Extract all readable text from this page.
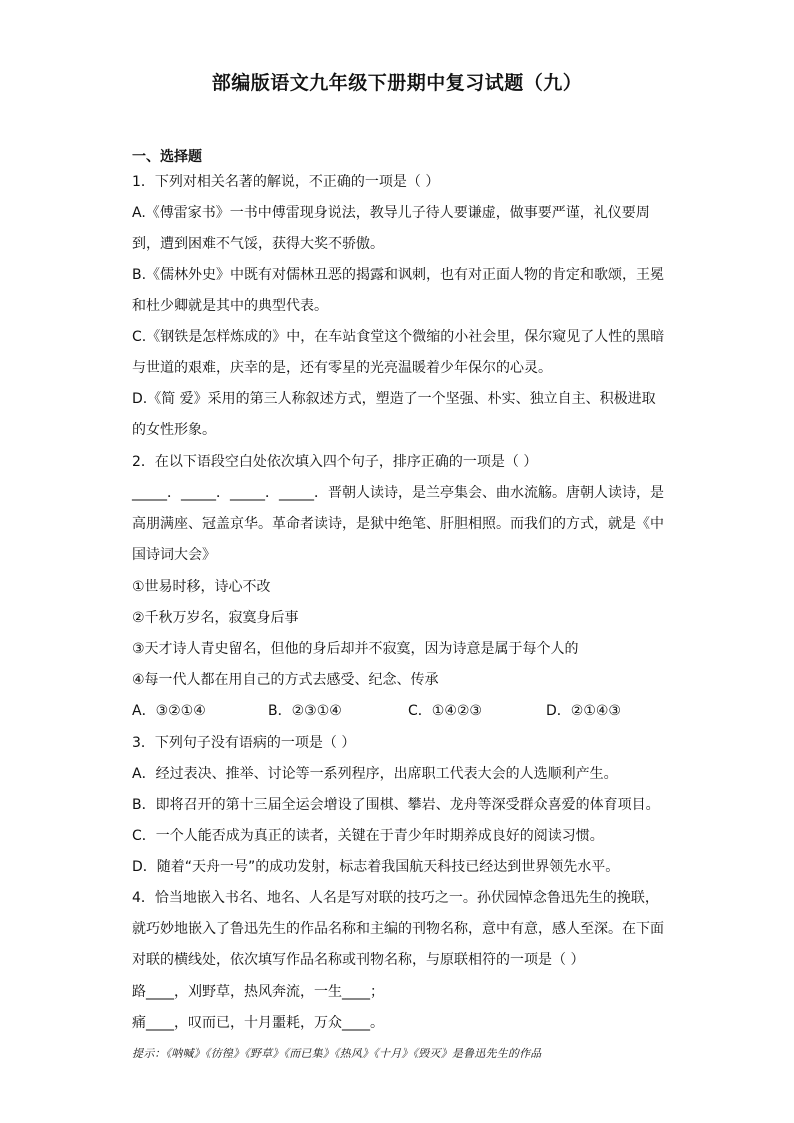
部编版语文九年级下册期中复习试题（九）
一、选择题
1．下列对相关名著的解说，不正确的一项是（ ）
A.《傅雷家书》一书中傅雷现身说法，教导儿子待人要谦虚，做事要严谨，礼仪要周
到，遭到困难不气馁，获得大奖不骄傲。
B.《儒林外史》中既有对儒林丑恶的揭露和讽刺，也有对正面人物的肯定和歌颂，王冕
和杜少卿就是其中的典型代表。
C.《钢铁是怎样炼成的》中，在车站食堂这个微缩的小社会里，保尔窥见了人性的黑暗
与世道的艰难，庆幸的是，还有零星的光亮温暖着少年保尔的心灵。
D.《简 爱》采用的第三人称叙述方式，塑造了一个坚强、朴实、独立自主、积极进取
的女性形象。
2．在以下语段空白处依次填入四个句子，排序正确的一项是（ ）
_____．_____．_____．_____．晋朝人读诗，是兰亭集会、曲水流觞。唐朝人读诗，是
高朋满座、冠盖京华。革命者读诗，是狱中绝笔、肝胆相照。而我们的方式，就是《中
国诗词大会》
①世易时移，诗心不改
②千秋万岁名，寂寞身后事
③天才诗人青史留名，但他的身后却并不寂寞，因为诗意是属于每个人的
④每一代人都在用自己的方式去感受、纪念、传承
A．③②①④	B．②③①④	C．①④②③	D．②①④③
3．下列句子没有语病的一项是（ ）
A．经过表决、推举、讨论等一系列程序，出席职工代表大会的人选顺利产生。
B．即将召开的第十三届全运会增设了围棋、攀岩、龙舟等深受群众喜爱的体育项目。
C．一个人能否成为真正的读者，关键在于青少年时期养成良好的阅读习惯。
D．随着“天舟一号”的成功发射，标志着我国航天科技已经达到世界领先水平。
4．恰当地嵌入书名、地名、人名是写对联的技巧之一。孙伏园悼念鲁迅先生的挽联，
就巧妙地嵌入了鲁迅先生的作品名称和主编的刊物名称，意中有意，感人至深。在下面
对联的横线处，依次填写作品名称或刊物名称，与原联相符的一项是（ ）
路____，刈野草，热风奔流，一生____；
痛____，叹而已，十月噩耗，万众____。
提示：《呐喊》《彷徨》《野草》《而已集》《热风》《十月》《毁灭》是鲁迅先生的作品
